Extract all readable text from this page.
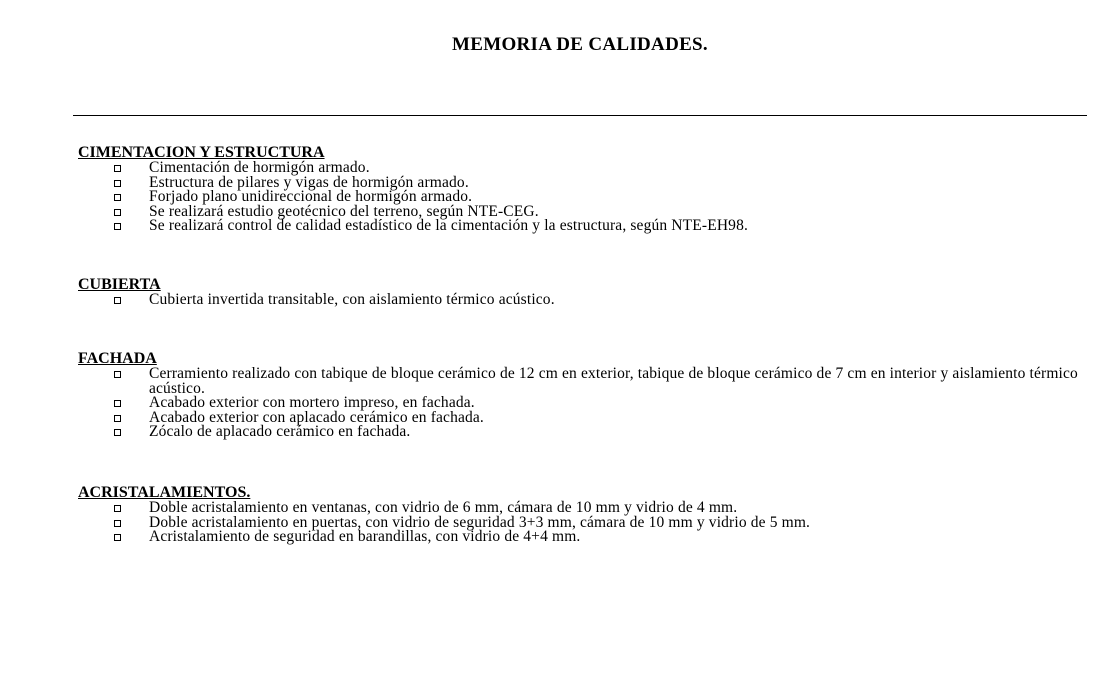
MEMORIA DE CALIDADES.
CIMENTACION Y ESTRUCTURA
Cimentación de hormigón armado.
Estructura de pilares y vigas de hormigón armado.
Forjado plano unidireccional de hormigón armado.
Se realizará estudio geotécnico del terreno, según NTE-CEG.
Se realizará control de calidad estadístico de la cimentación y la estructura, según NTE-EH98.
CUBIERTA
Cubierta invertida transitable, con aislamiento térmico acústico.
FACHADA
Cerramiento realizado con tabique de bloque cerámico de 12 cm en exterior, tabique de bloque cerámico de 7 cm en interior y aislamiento térmico acústico.
Acabado exterior con mortero impreso, en fachada.
Acabado exterior con aplacado cerámico en fachada.
Zócalo de aplacado cerámico en fachada.
ACRISTALAMIENTOS.
Doble acristalamiento en ventanas, con vidrio de 6 mm, cámara de 10 mm y vidrio de 4 mm.
Doble acristalamiento en puertas, con vidrio de seguridad 3+3 mm, cámara de 10 mm y vidrio de 5 mm.
Acristalamiento de seguridad en barandillas, con vidrio de 4+4 mm.
